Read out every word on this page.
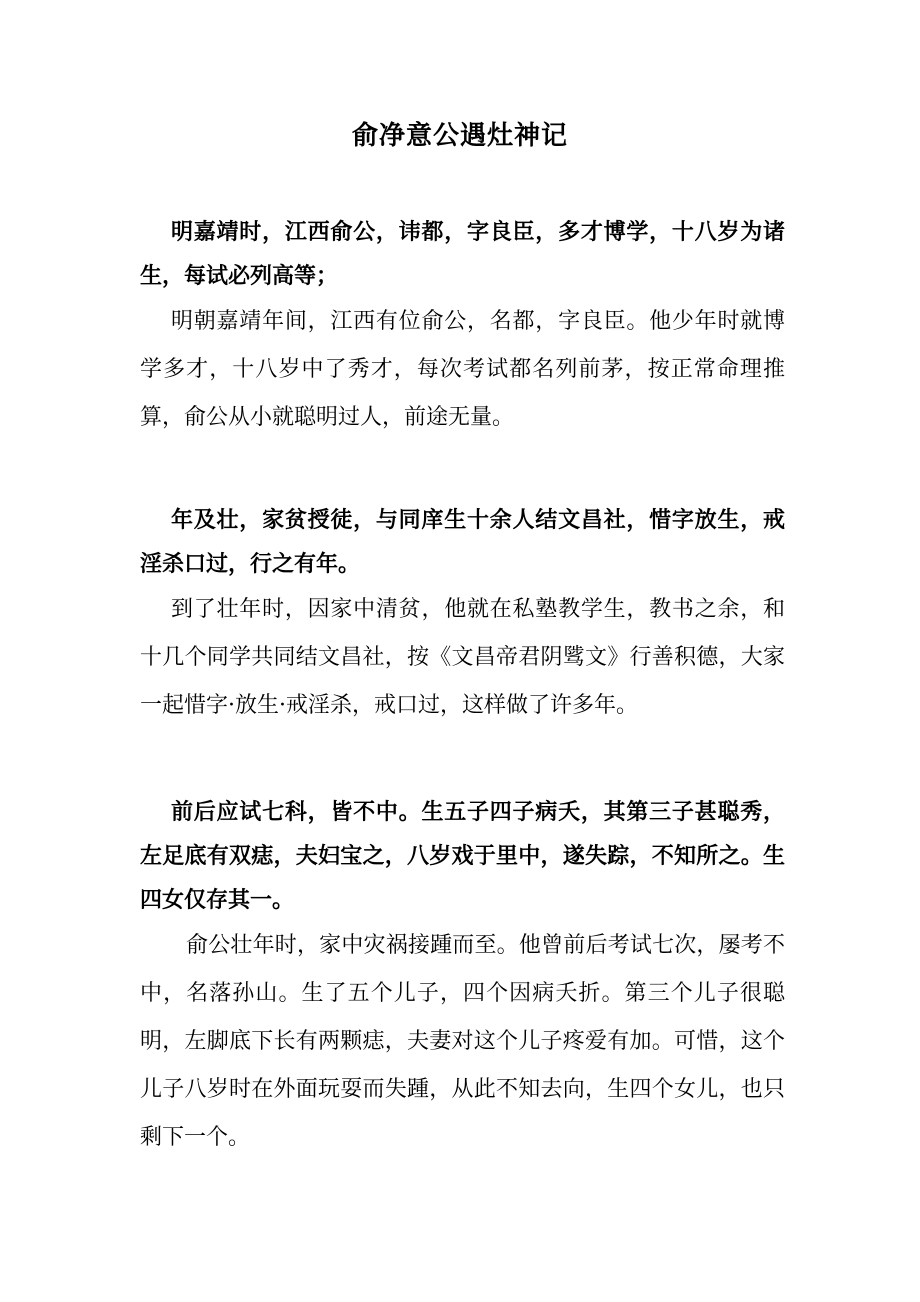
俞净意公遇灶神记

明嘉靖时，江西俞公，讳都，字良臣，多才博学，十八岁为诸生，每试必列高等；

明朝嘉靖年间，江西有位俞公，名都，字良臣。他少年时就博学多才，十八岁中了秀才，每次考试都名列前茅，按正常命理推算，俞公从小就聪明过人，前途无量。

年及壮，家贫授徒，与同庠生十余人结文昌社，惜字放生，戒淫杀口过，行之有年。

到了壮年时，因家中清贫，他就在私塾教学生，教书之余，和十几个同学共同结文昌社，按《文昌帝君阴骘文》行善积德，大家一起惜字·放生·戒淫杀，戒口过，这样做了许多年。

前后应试七科，皆不中。生五子四子病夭，其第三子甚聪秀，左足底有双痣，夫妇宝之，八岁戏于里中，遂失踪，不知所之。生四女仅存其一。

俞公壮年时，家中灾祸接踵而至。他曾前后考试七次，屡考不中，名落孙山。生了五个儿子，四个因病夭折。第三个儿子很聪明，左脚底下长有两颗痣，夫妻对这个儿子疼爱有加。可惜，这个儿子八岁时在外面玩耍而失踵，从此不知去向，生四个女儿，也只剩下一个。
